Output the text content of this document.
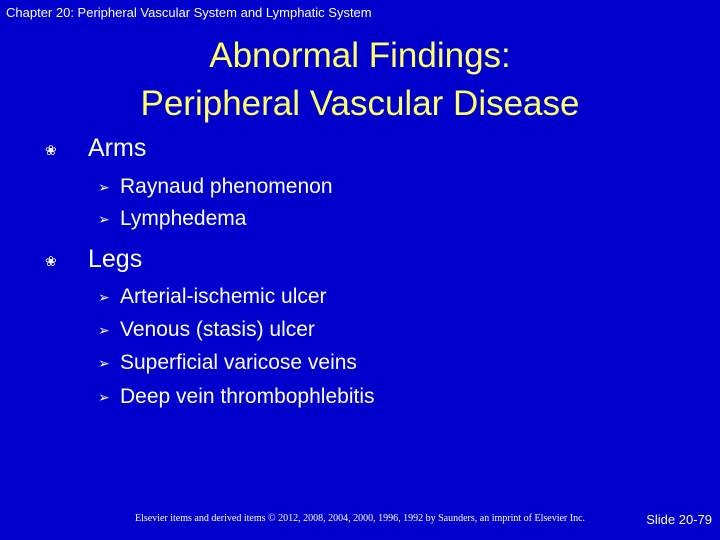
Chapter 20: Peripheral Vascular System and Lymphatic System
Abnormal Findings:
Peripheral Vascular Disease
❀	Arms
➢ Raynaud phenomenon
➢ Lymphedema
❀	Legs
➢ Arterial-ischemic ulcer
➢ Venous (stasis) ulcer
➢ Superficial varicose veins
➢ Deep vein thrombophlebitis
Elsevier items and derived items © 2012, 2008, 2004, 2000, 1996, 1992 by Saunders, an imprint of Elsevier Inc.	Slide 20-79
